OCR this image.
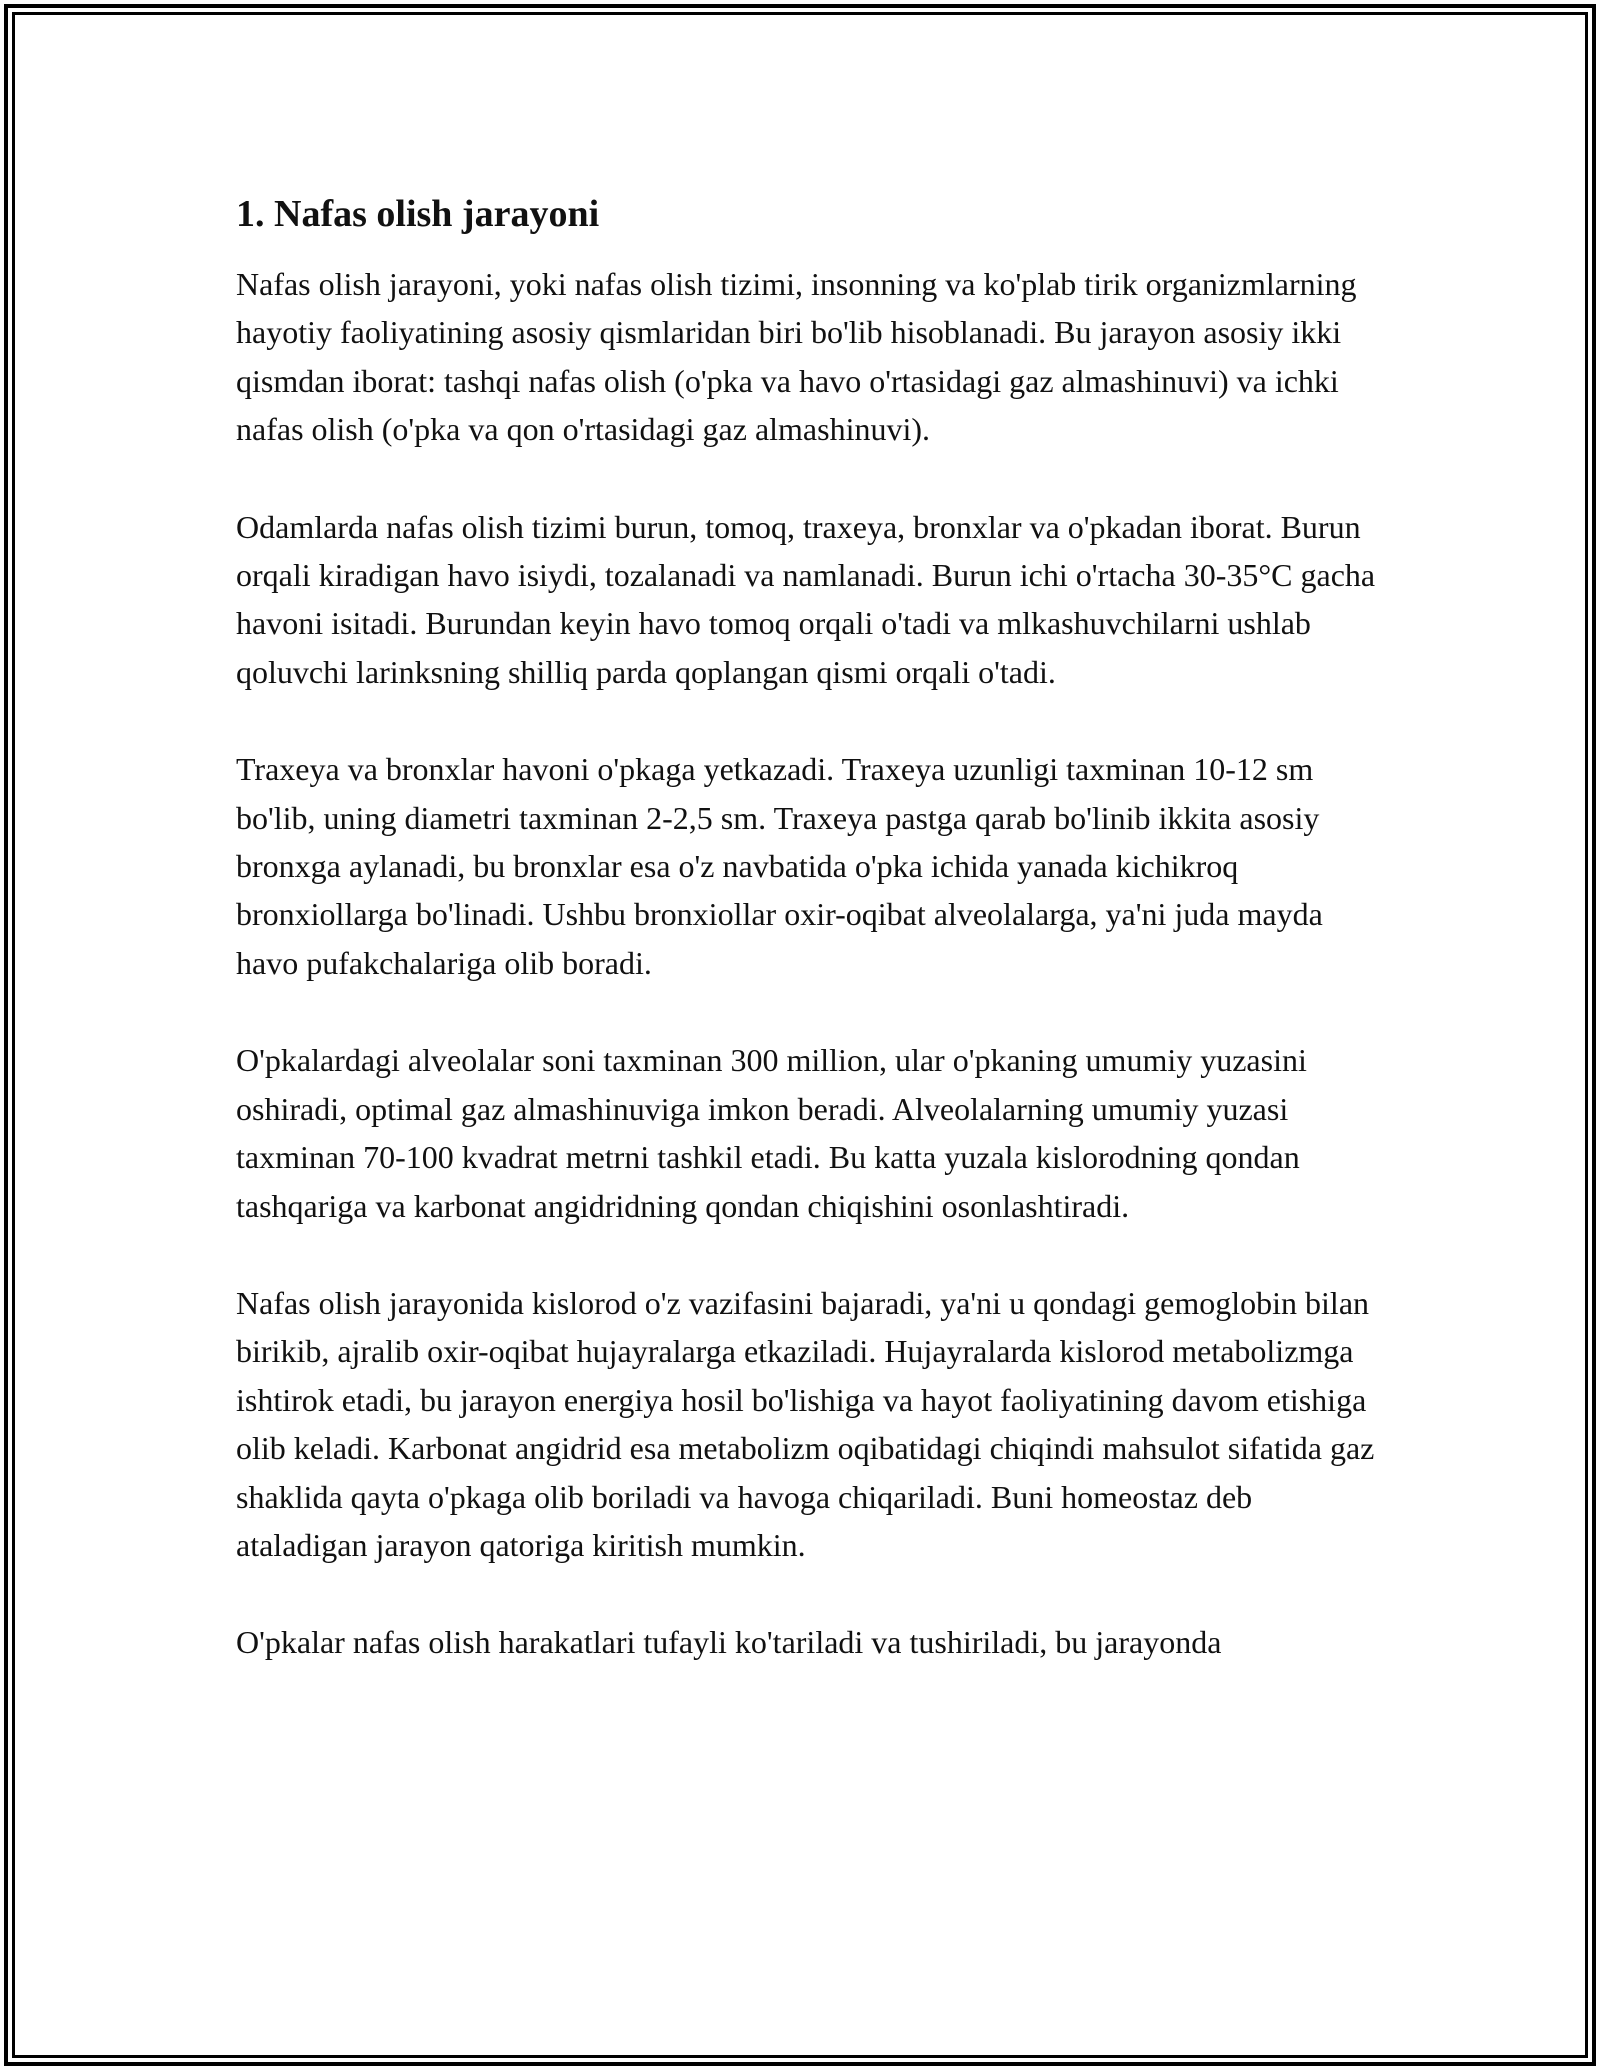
1. Nafas olish jarayoni

Nafas olish jarayoni, yoki nafas olish tizimi, insonning va ko'plab tirik organizmlarning hayotiy faoliyatining asosiy qismlaridan biri bo'lib hisoblanadi. Bu jarayon asosiy ikki qismdan iborat: tashqi nafas olish (o'pka va havo o'rtasidagi gaz almashinuvi) va ichki nafas olish (o'pka va qon o'rtasidagi gaz almashinuvi).

Odamlarda nafas olish tizimi burun, tomoq, traxeya, bronxlar va o'pkadan iborat. Burun orqali kiradigan havo isiydi, tozalanadi va namlanadi. Burun ichi o'rtacha 30-35°C gacha havoni isitadi. Burundan keyin havo tomoq orqali o'tadi va mlkashuvchilarni ushlab qoluvchi larinksning shilliq parda qoplangan qismi orqali o'tadi.

Traxeya va bronxlar havoni o'pkaga yetkazadi. Traxeya uzunligi taxminan 10-12 sm bo'lib, uning diametri taxminan 2-2,5 sm. Traxeya pastga qarab bo'linib ikkita asosiy bronxga aylanadi, bu bronxlar esa o'z navbatida o'pka ichida yanada kichikroq bronxiollarga bo'linadi. Ushbu bronxiollar oxir-oqibat alveolalarga, ya'ni juda mayda havo pufakchalariga olib boradi.

O'pkalardagi alveolalar soni taxminan 300 million, ular o'pkaning umumiy yuzasini oshiradi, optimal gaz almashinuviga imkon beradi. Alveolalarning umumiy yuzasi taxminan 70-100 kvadrat metrni tashkil etadi. Bu katta yuzala kislorodning qondan tashqariga va karbonat angidridning qondan chiqishini osonlashtiradi.

Nafas olish jarayonida kislorod o'z vazifasini bajaradi, ya'ni u qondagi gemoglobin bilan birikib, ajralib oxir-oqibat hujayralarga etkaziladi. Hujayralarda kislorod metabolizmga ishtirok etadi, bu jarayon energiya hosil bo'lishiga va hayot faoliyatining davom etishiga olib keladi. Karbonat angidrid esa metabolizm oqibatidagi chiqindi mahsulot sifatida gaz shaklida qayta o'pkaga olib boriladi va havoga chiqariladi. Buni homeostaz deb ataladigan jarayon qatoriga kiritish mumkin.

O'pkalar nafas olish harakatlari tufayli ko'tariladi va tushiriladi, bu jarayonda
